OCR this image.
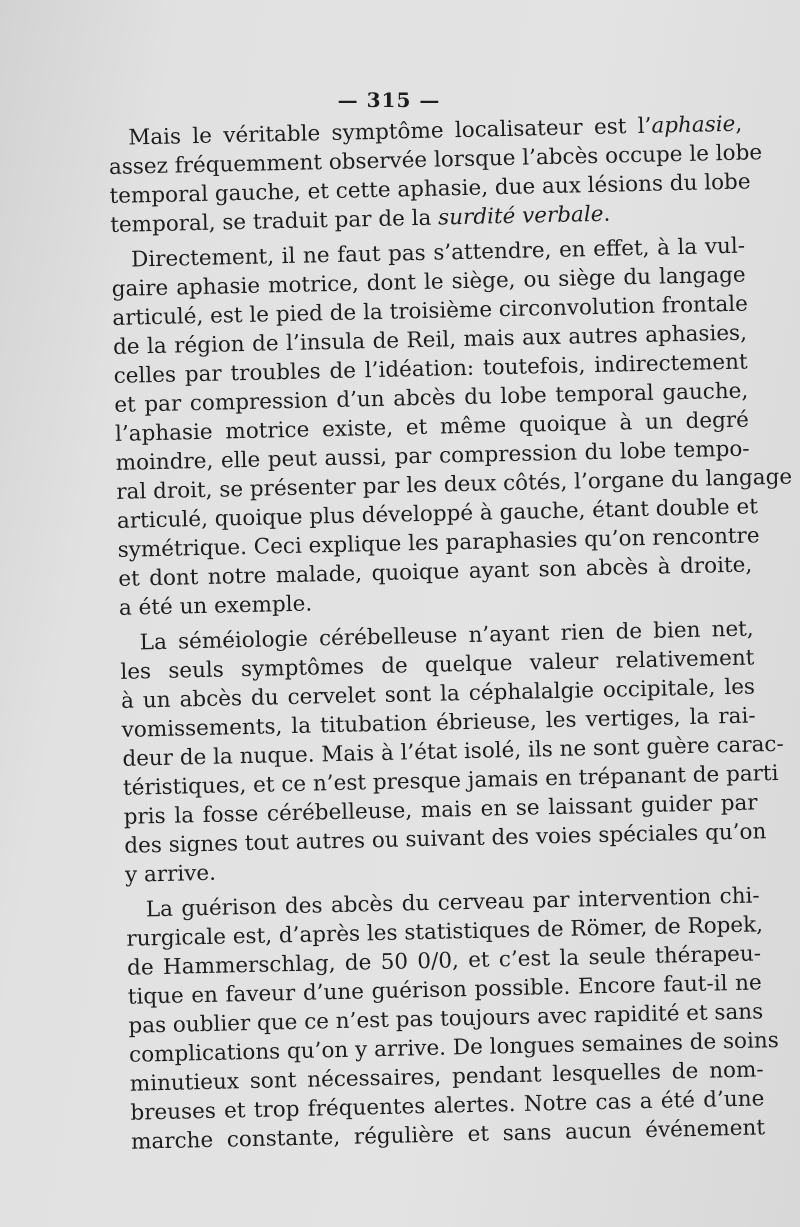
— 315 —
Mais le véritable symptôme localisateur est l’aphasie,
assez fréquemment observée lorsque l’abcès occupe le lobe
temporal gauche, et cette aphasie, due aux lésions du lobe
temporal, se traduit par de la surdité verbale.
Directement, il ne faut pas s’attendre, en effet, à la vul-
gaire aphasie motrice, dont le siège, ou siège du langage
articulé, est le pied de la troisième circonvolution frontale
de la région de l’insula de Reil, mais aux autres aphasies,
celles par troubles de l’idéation: toutefois, indirectement
et par compression d’un abcès du lobe temporal gauche,
l’aphasie motrice existe, et même quoique à un degré
moindre, elle peut aussi, par compression du lobe tempo-
ral droit, se présenter par les deux côtés, l’organe du langage
articulé, quoique plus développé à gauche, étant double et
symétrique. Ceci explique les paraphasies qu’on rencontre
et dont notre malade, quoique ayant son abcès à droite,
a été un exemple.
La séméiologie cérébelleuse n’ayant rien de bien net,
les seuls symptômes de quelque valeur relativement
à un abcès du cervelet sont la céphalalgie occipitale, les
vomissements, la titubation ébrieuse, les vertiges, la rai-
deur de la nuque. Mais à l’état isolé, ils ne sont guère carac-
téristiques, et ce n’est presque jamais en trépanant de parti
pris la fosse cérébelleuse, mais en se laissant guider par
des signes tout autres ou suivant des voies spéciales qu’on
y arrive.
La guérison des abcès du cerveau par intervention chi-
rurgicale est, d’après les statistiques de Römer, de Ropek,
de Hammerschlag, de 50 0/0, et c’est la seule thérapeu-
tique en faveur d’une guérison possible. Encore faut-il ne
pas oublier que ce n’est pas toujours avec rapidité et sans
complications qu’on y arrive. De longues semaines de soins
minutieux sont nécessaires, pendant lesquelles de nom-
breuses et trop fréquentes alertes. Notre cas a été d’une
marche constante, régulière et sans aucun événement
